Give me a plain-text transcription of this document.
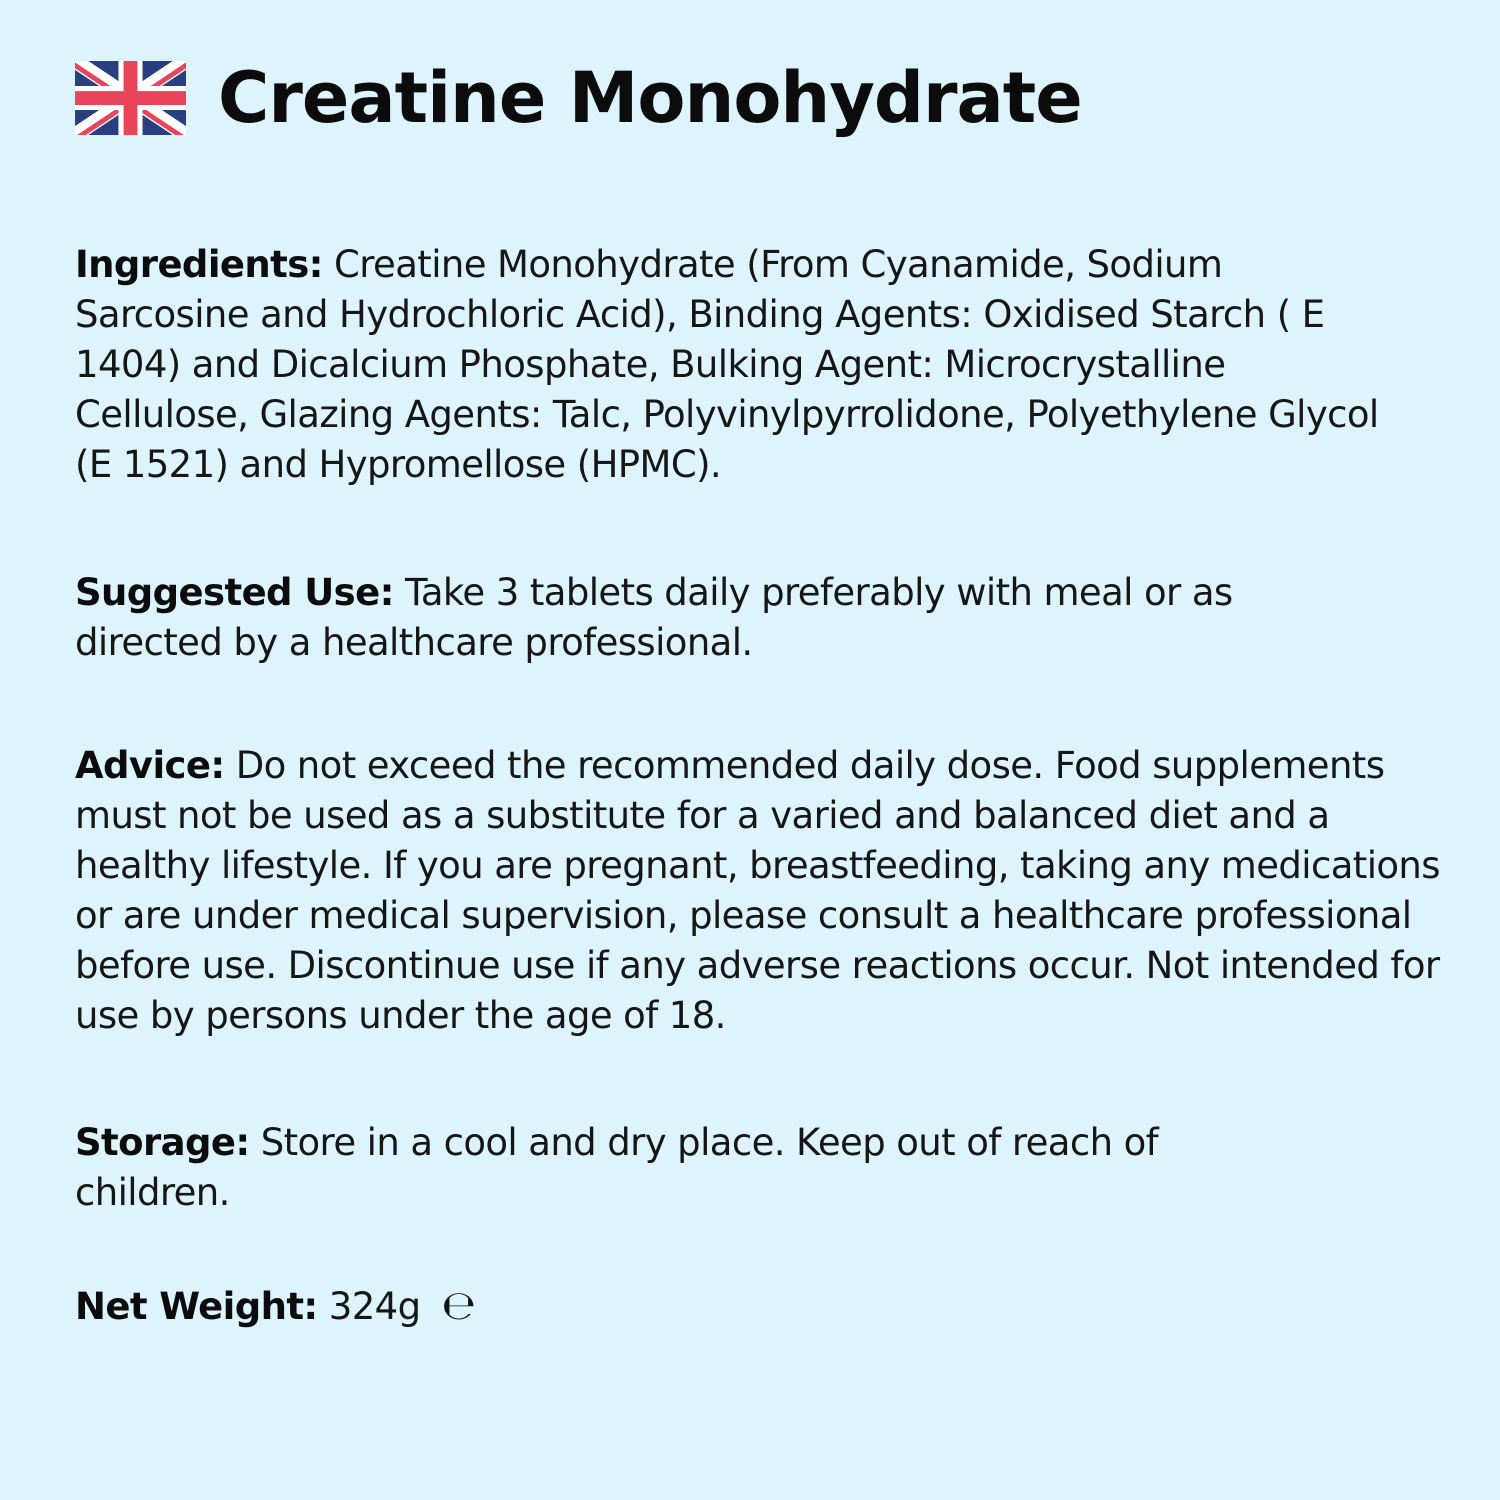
Creatine Monohydrate
Ingredients: Creatine Monohydrate (From Cyanamide, Sodium Sarcosine and Hydrochloric Acid), Binding Agents: Oxidised Starch ( E 1404) and Dicalcium Phosphate, Bulking Agent: Microcrystalline Cellulose, Glazing Agents: Talc, Polyvinylpyrrolidone, Polyethylene Glycol (E 1521) and Hypromellose (HPMC).
Suggested Use: Take 3 tablets daily preferably with meal or as directed by a healthcare professional.
Advice: Do not exceed the recommended daily dose. Food supplements must not be used as a substitute for a varied and balanced diet and a healthy lifestyle. If you are pregnant, breastfeeding, taking any medications or are under medical supervision, please consult a healthcare professional before use. Discontinue use if any adverse reactions occur. Not intended for use by persons under the age of 18.
Storage: Store in a cool and dry place. Keep out of reach of children.
Net Weight: 324g ℮
